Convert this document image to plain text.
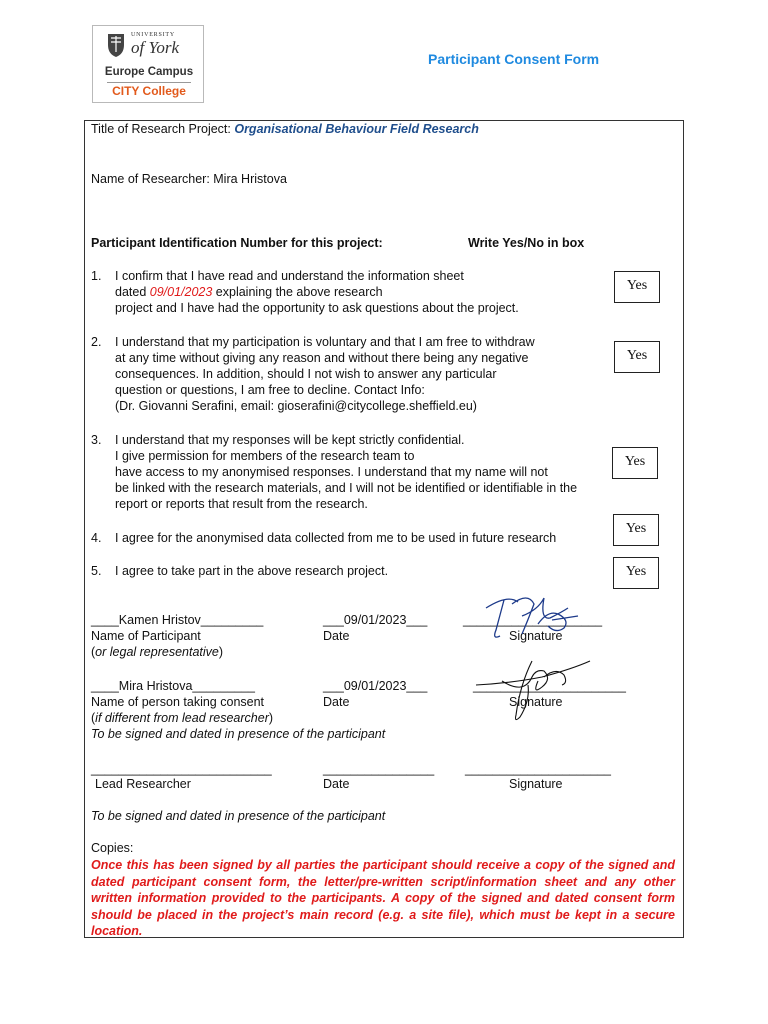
UNIVERSITY
of York
Europe Campus
CITY College
Participant Consent Form
Title of Research Project: Organisational Behaviour Field Research
Name of Researcher: Mira Hristova
Participant Identification Number for this project:	Write Yes/No in box
1. I confirm that I have read and understand the information sheet
dated 09/01/2023 explaining the above research
project and I have had the opportunity to ask questions about the project.
Yes
2. I understand that my participation is voluntary and that I am free to withdraw
at any time without giving any reason and without there being any negative
consequences. In addition, should I not wish to answer any particular
question or questions, I am free to decline. Contact Info:
(Dr. Giovanni Serafini, email: gioserafini@citycollege.sheffield.eu)
Yes
3. I understand that my responses will be kept strictly confidential.
I give permission for members of the research team to
have access to my anonymised responses. I understand that my name will not
be linked with the research materials, and I will not be identified or identifiable in the
report or reports that result from the research.
Yes
4. I agree for the anonymised data collected from me to be used in future research
Yes
5. I agree to take part in the above research project.	Yes
____Kamen Hristov_________	___09/01/2023___	____________________
Name of Participant	Date	Signature
(or legal representative)
____Mira Hristova_________	___09/01/2023___	______________________
Name of person taking consent	Date	Signature
(if different from lead researcher)
To be signed and dated in presence of the participant
__________________________	________________ _____________________
Lead Researcher	Date	Signature
To be signed and dated in presence of the participant
Copies:
Once this has been signed by all parties the participant should receive a copy of the signed and dated participant consent form, the letter/pre-written script/information sheet and any other written information provided to the participants. A copy of the signed and dated consent form should be placed in the project’s main record (e.g. a site file), which must be kept in a secure location.
